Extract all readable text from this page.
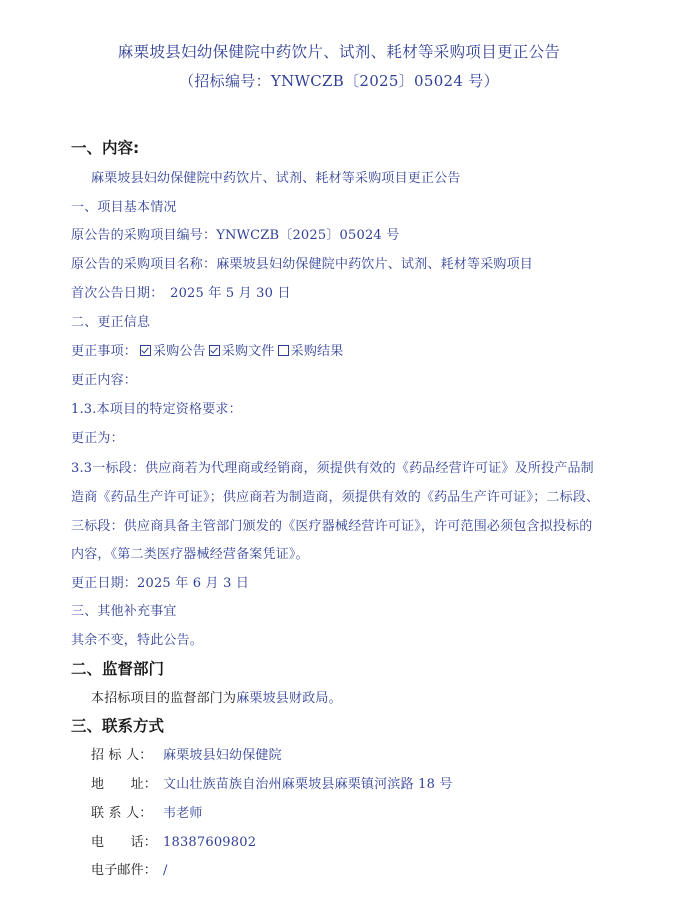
麻栗坡县妇幼保健院中药饮片、试剂、耗材等采购项目更正公告
（招标编号：YNWCZB〔2025〕05024 号）
一、内容:
麻栗坡县妇幼保健院中药饮片、试剂、耗材等采购项目更正公告
一、项目基本情况
原公告的采购项目编号：YNWCZB〔2025〕05024 号
原公告的采购项目名称：麻栗坡县妇幼保健院中药饮片、试剂、耗材等采购项目
首次公告日期：　2025 年 5 月 30 日
二、更正信息
更正事项： 采购公告 采购文件 采购结果
更正内容：
1.3.本项目的特定资格要求：
更正为：
3.3一标段：供应商若为代理商或经销商，须提供有效的《药品经营许可证》及所投产品制
造商《药品生产许可证》；供应商若为制造商，须提供有效的《药品生产许可证》；二标段、
三标段：供应商具备主管部门颁发的《医疗器械经营许可证》，许可范围必须包含拟投标的
内容，《第二类医疗器械经营备案凭证》。
更正日期：2025 年 6 月 3 日
三、其他补充事宜
其余不变，特此公告。
二、监督部门
本招标项目的监督部门为麻栗坡县财政局。
三、联系方式
招 标 人： 麻栗坡县妇幼保健院
地　　址： 文山壮族苗族自治州麻栗坡县麻栗镇河滨路 18 号
联 系 人： 韦老师
电　　话： 18387609802
电子邮件： /
